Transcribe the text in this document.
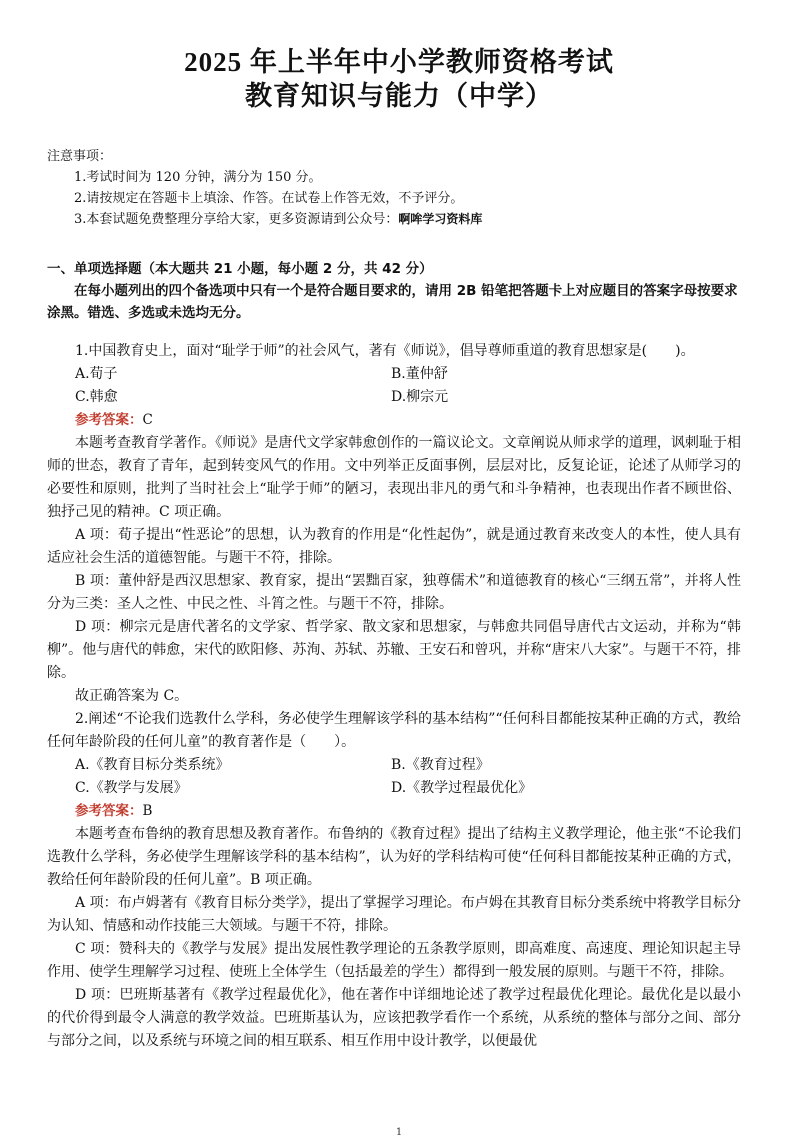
2025 年上半年中小学教师资格考试
教育知识与能力（中学）
注意事项：
1.考试时间为 120 分钟，满分为 150 分。
2.请按规定在答题卡上填涂、作答。在试卷上作答无效，不予评分。
3.本套试题免费整理分享给大家，更多资源请到公众号：啊哞学习资料库
一、单项选择题（本大题共 21 小题，每小题 2 分，共 42 分）
在每小题列出的四个备选项中只有一个是符合题目要求的，请用 2B 铅笔把答题卡上对应题目的答案字母按要求涂黑。错选、多选或未选均无分。

1.中国教育史上，面对“耻学于师”的社会风气，著有《师说》，倡导尊师重道的教育思想家是(　　)。

A.荀子	B.董仲舒
C.韩愈	D.柳宗元
参考答案：C

本题考查教育学著作。《师说》是唐代文学家韩愈创作的一篇议论文。文章阐说从师求学的道理，讽刺耻于相师的世态，教育了青年，起到转变风气的作用。文中列举正反面事例，层层对比，反复论证，论述了从师学习的必要性和原则，批判了当时社会上“耻学于师”的陋习，表现出非凡的勇气和斗争精神，也表现出作者不顾世俗、独抒己见的精神。C 项正确。

A 项：荀子提出“性恶论”的思想，认为教育的作用是“化性起伪”，就是通过教育来改变人的本性，使人具有适应社会生活的道德智能。与题干不符，排除。

B 项：董仲舒是西汉思想家、教育家，提出“罢黜百家，独尊儒术”和道德教育的核心“三纲五常”，并将人性分为三类：圣人之性、中民之性、斗筲之性。与题干不符，排除。

D 项：柳宗元是唐代著名的文学家、哲学家、散文家和思想家，与韩愈共同倡导唐代古文运动，并称为“韩柳”。他与唐代的韩愈，宋代的欧阳修、苏洵、苏轼、苏辙、王安石和曾巩，并称“唐宋八大家”。与题干不符，排除。

故正确答案为 C。

2.阐述“不论我们选教什么学科，务必使学生理解该学科的基本结构”“任何科目都能按某种正确的方式，教给任何年龄阶段的任何儿童”的教育著作是（　　）。

A.《教育目标分类系统》	B.《教育过程》
C.《教学与发展》	D.《教学过程最优化》
参考答案：B

本题考查布鲁纳的教育思想及教育著作。布鲁纳的《教育过程》提出了结构主义教学理论，他主张“不论我们选教什么学科，务必使学生理解该学科的基本结构”，认为好的学科结构可使“任何科目都能按某种正确的方式，教给任何年龄阶段的任何儿童”。B 项正确。

A 项：布卢姆著有《教育目标分类学》，提出了掌握学习理论。布卢姆在其教育目标分类系统中将教学目标分为认知、情感和动作技能三大领域。与题干不符，排除。

C 项：赞科夫的《教学与发展》提出发展性教学理论的五条教学原则，即高难度、高速度、理论知识起主导作用、使学生理解学习过程、使班上全体学生（包括最差的学生）都得到一般发展的原则。与题干不符，排除。

D 项：巴班斯基著有《教学过程最优化》，他在著作中详细地论述了教学过程最优化理论。最优化是以最小的代价得到最令人满意的教学效益。巴班斯基认为，应该把教学看作一个系统，从系统的整体与部分之间、部分与部分之间，以及系统与环境之间的相互联系、相互作用中设计教学，以便最优

1
